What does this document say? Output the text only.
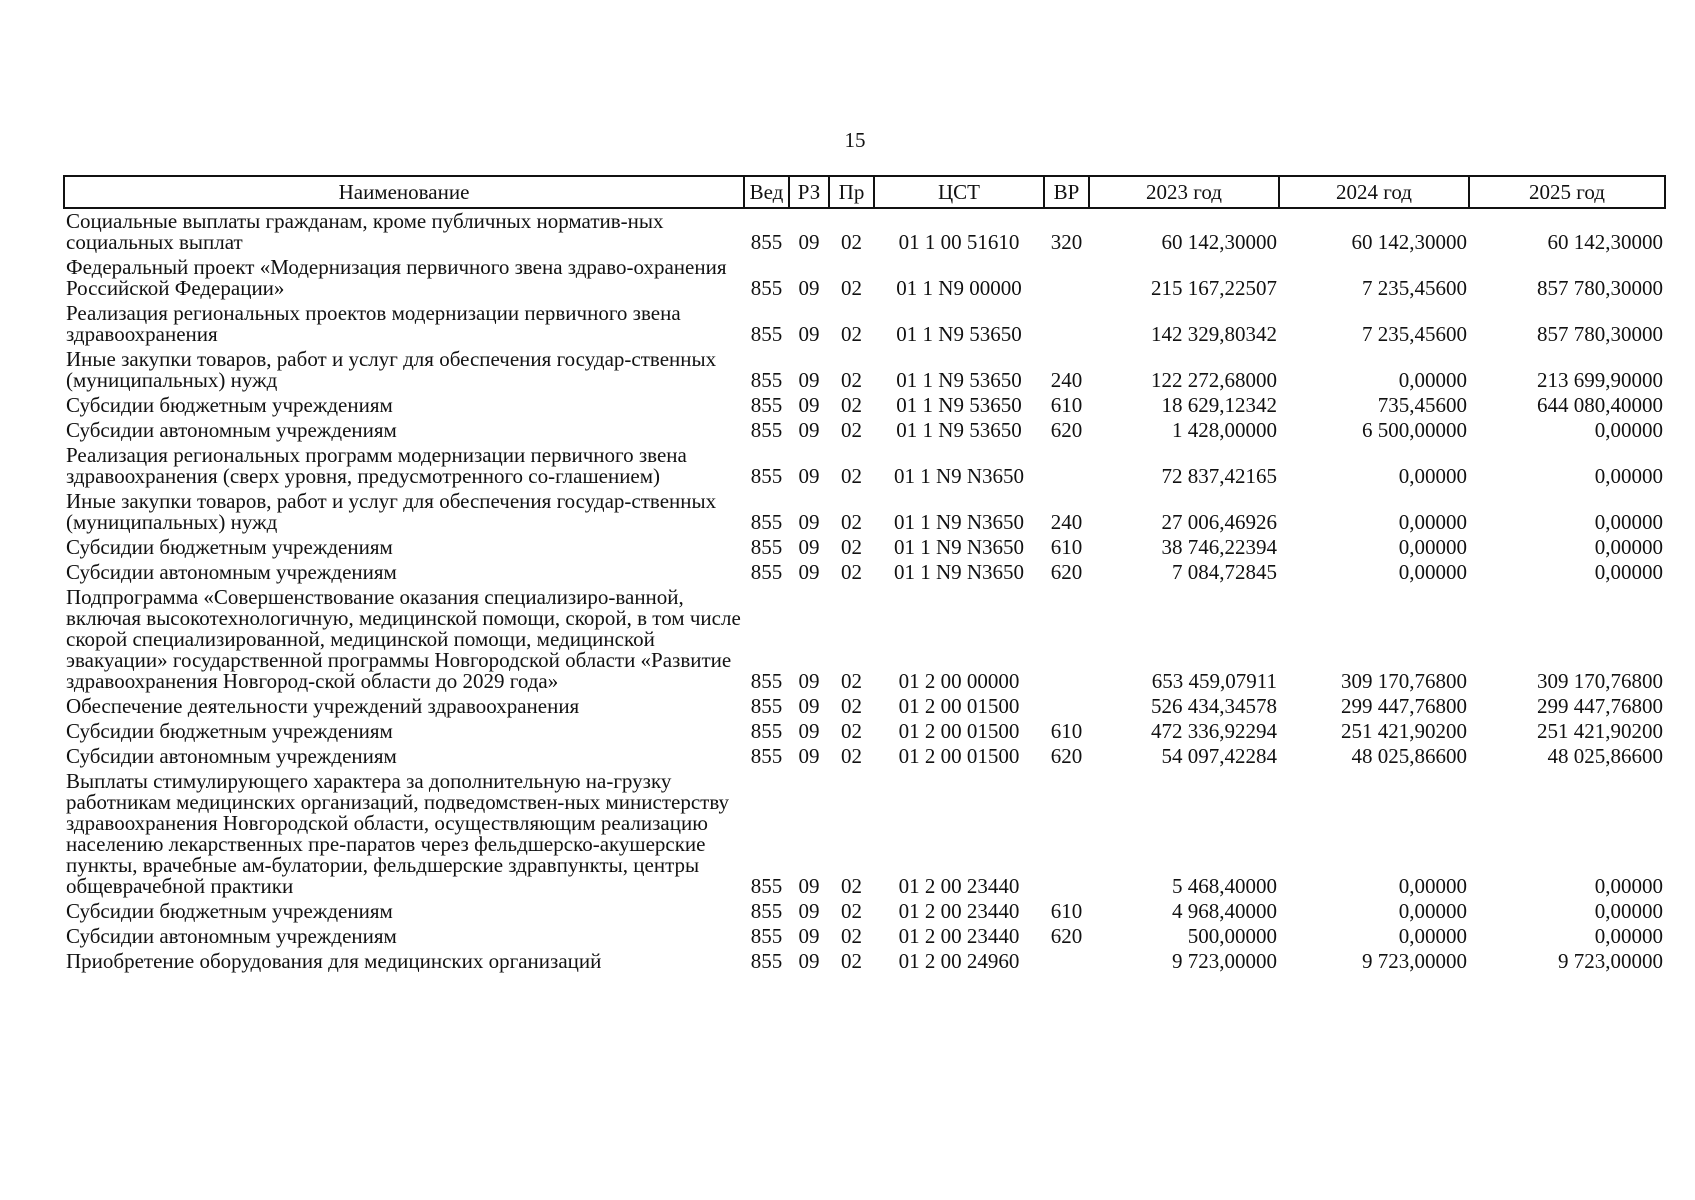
15
Наименование	Вед	РЗ	Пр	ЦСТ	ВР	2023 год	2024 год	2025 год
Социальные выплаты гражданам, кроме публичных норматив-ных социальных выплат	855	09	02	01 1 00 51610	320	60 142,30000	60 142,30000	60 142,30000
Федеральный проект «Модернизация первичного звена здраво-охранения Российской Федерации»	855	09	02	01 1 N9 00000		215 167,22507	7 235,45600	857 780,30000
Реализация региональных проектов модернизации первичного звена здравоохранения	855	09	02	01 1 N9 53650		142 329,80342	7 235,45600	857 780,30000
Иные закупки товаров, работ и услуг для обеспечения государ-ственных (муниципальных) нужд	855	09	02	01 1 N9 53650	240	122 272,68000	0,00000	213 699,90000
Субсидии бюджетным учреждениям	855	09	02	01 1 N9 53650	610	18 629,12342	735,45600	644 080,40000
Субсидии автономным учреждениям	855	09	02	01 1 N9 53650	620	1 428,00000	6 500,00000	0,00000
Реализация региональных программ модернизации первичного звена здравоохранения (сверх уровня, предусмотренного со-глашением)	855	09	02	01 1 N9 N3650		72 837,42165	0,00000	0,00000
Иные закупки товаров, работ и услуг для обеспечения государ-ственных (муниципальных) нужд	855	09	02	01 1 N9 N3650	240	27 006,46926	0,00000	0,00000
Субсидии бюджетным учреждениям	855	09	02	01 1 N9 N3650	610	38 746,22394	0,00000	0,00000
Субсидии автономным учреждениям	855	09	02	01 1 N9 N3650	620	7 084,72845	0,00000	0,00000
Подпрограмма «Совершенствование оказания специализиро-ванной, включая высокотехнологичную, медицинской помощи, скорой, в том числе скорой специализированной, медицинской помощи, медицинской эвакуации» государственной программы Новгородской области «Развитие здравоохранения Новгород-ской области до 2029 года»	855	09	02	01 2 00 00000		653 459,07911	309 170,76800	309 170,76800
Обеспечение деятельности учреждений здравоохранения	855	09	02	01 2 00 01500		526 434,34578	299 447,76800	299 447,76800
Субсидии бюджетным учреждениям	855	09	02	01 2 00 01500	610	472 336,92294	251 421,90200	251 421,90200
Субсидии автономным учреждениям	855	09	02	01 2 00 01500	620	54 097,42284	48 025,86600	48 025,86600
Выплаты стимулирующего характера за дополнительную на-грузку работникам медицинских организаций, подведомствен-ных министерству здравоохранения Новгородской области, осуществляющим реализацию населению лекарственных пре-паратов через фельдшерско-акушерские пункты, врачебные ам-булатории, фельдшерские здравпункты, центры общеврачебной практики	855	09	02	01 2 00 23440		5 468,40000	0,00000	0,00000
Субсидии бюджетным учреждениям	855	09	02	01 2 00 23440	610	4 968,40000	0,00000	0,00000
Субсидии автономным учреждениям	855	09	02	01 2 00 23440	620	500,00000	0,00000	0,00000
Приобретение оборудования для медицинских организаций	855	09	02	01 2 00 24960		9 723,00000	9 723,00000	9 723,00000
